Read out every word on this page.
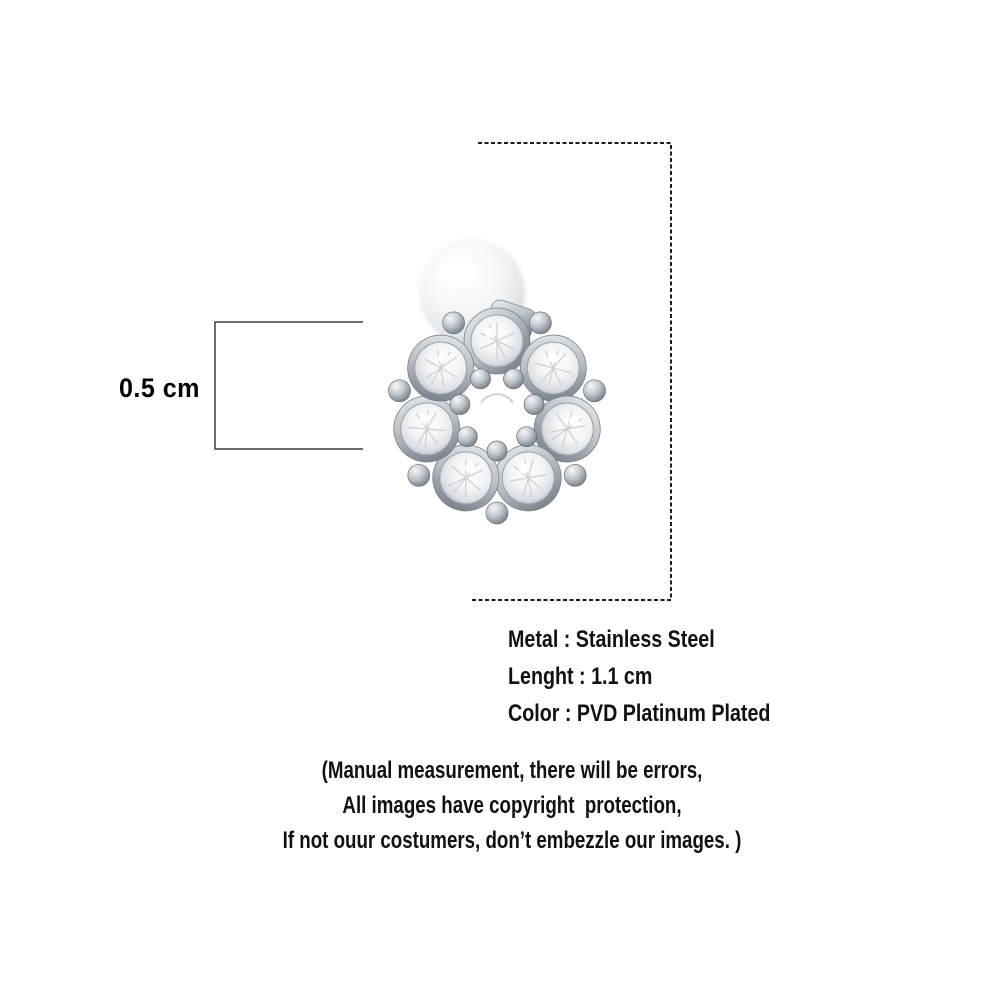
0.5 cm
Metal : Stainless Steel
Lenght : 1.1 cm
Color : PVD Platinum Plated
(Manual measurement, there will be errors,
All images have copyright  protection,
If not ouur costumers, don’t embezzle our images. )
